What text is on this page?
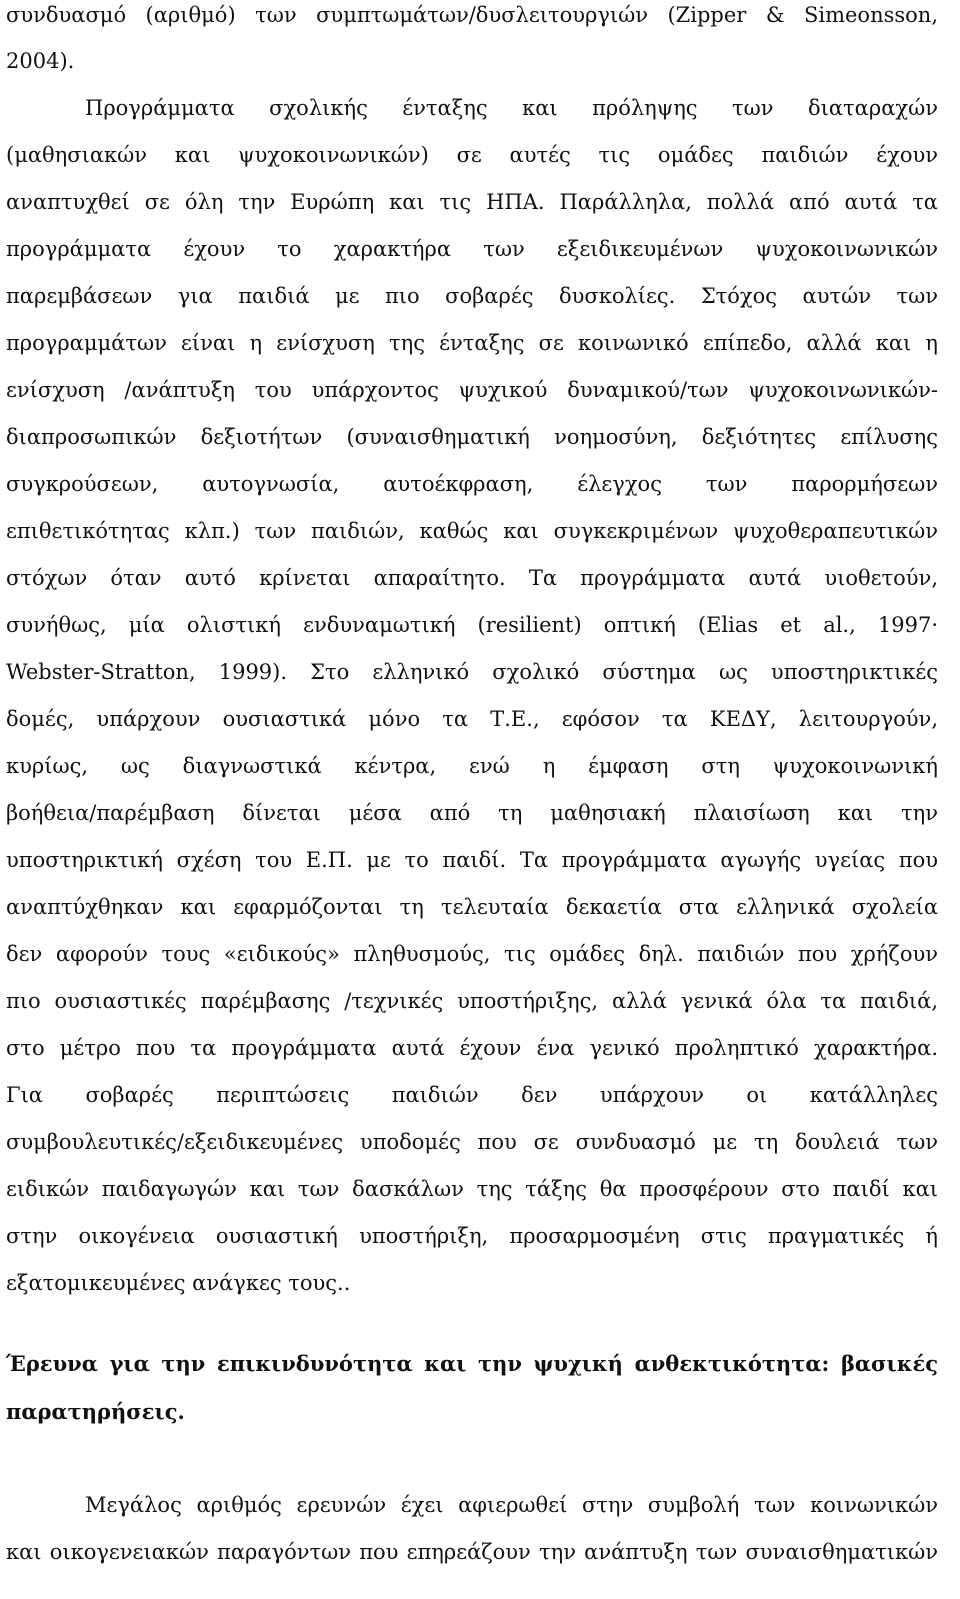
συνδυασμό (αριθμό) των συμπτωμάτων/δυσλειτουργιών (Zipper & Simeonsson,
2004).
Προγράμματα σχολικής ένταξης και πρόληψης των διαταραχών
(μαθησιακών και ψυχοκοινωνικών) σε αυτές τις ομάδες παιδιών έχουν
αναπτυχθεί σε όλη την Ευρώπη και τις ΗΠΑ. Παράλληλα, πολλά από αυτά τα
προγράμματα έχουν το χαρακτήρα των εξειδικευμένων ψυχοκοινωνικών
παρεμβάσεων για παιδιά με πιο σοβαρές δυσκολίες. Στόχος αυτών των
προγραμμάτων είναι η ενίσχυση της ένταξης σε κοινωνικό επίπεδο, αλλά και η
ενίσχυση /ανάπτυξη του υπάρχοντος ψυχικού δυναμικού/των ψυχοκοινωνικών-
διαπροσωπικών δεξιοτήτων (συναισθηματική νοημοσύνη, δεξιότητες επίλυσης
συγκρούσεων, αυτογνωσία, αυτοέκφραση, έλεγχος των παρορμήσεων
επιθετικότητας κλπ.) των παιδιών, καθώς και συγκεκριμένων ψυχοθεραπευτικών
στόχων όταν αυτό κρίνεται απαραίτητο. Τα προγράμματα αυτά υιοθετούν,
συνήθως, μία ολιστική ενδυναμωτική (resilient) οπτική (Elias et al., 1997·
Webster-Stratton, 1999). Στο ελληνικό σχολικό σύστημα ως υποστηρικτικές
δομές, υπάρχουν ουσιαστικά μόνο τα Τ.Ε., εφόσον τα ΚΕΔΥ, λειτουργούν,
κυρίως, ως διαγνωστικά κέντρα, ενώ η έμφαση στη ψυχοκοινωνική
βοήθεια/παρέμβαση δίνεται μέσα από τη μαθησιακή πλαισίωση και την
υποστηρικτική σχέση του Ε.Π. με το παιδί. Τα προγράμματα αγωγής υγείας που
αναπτύχθηκαν και εφαρμόζονται τη τελευταία δεκαετία στα ελληνικά σχολεία
δεν αφορούν τους «ειδικούς» πληθυσμούς, τις ομάδες δηλ. παιδιών που χρήζουν
πιο ουσιαστικές παρέμβασης /τεχνικές υποστήριξης, αλλά γενικά όλα τα παιδιά,
στο μέτρο που τα προγράμματα αυτά έχουν ένα γενικό προληπτικό χαρακτήρα.
Για σοβαρές περιπτώσεις παιδιών δεν υπάρχουν οι κατάλληλες
συμβουλευτικές/εξειδικευμένες υποδομές που σε συνδυασμό με τη δουλειά των
ειδικών παιδαγωγών και των δασκάλων της τάξης θα προσφέρουν στο παιδί και
στην οικογένεια ουσιαστική υποστήριξη, προσαρμοσμένη στις πραγματικές ή
εξατομικευμένες ανάγκες τους..
Έρευνα για την επικινδυνότητα και την ψυχική ανθεκτικότητα: βασικές
παρατηρήσεις.
Μεγάλος αριθμός ερευνών έχει αφιερωθεί στην συμβολή των κοινωνικών
και οικογενειακών παραγόντων που επηρεάζουν την ανάπτυξη των συναισθηματικών
